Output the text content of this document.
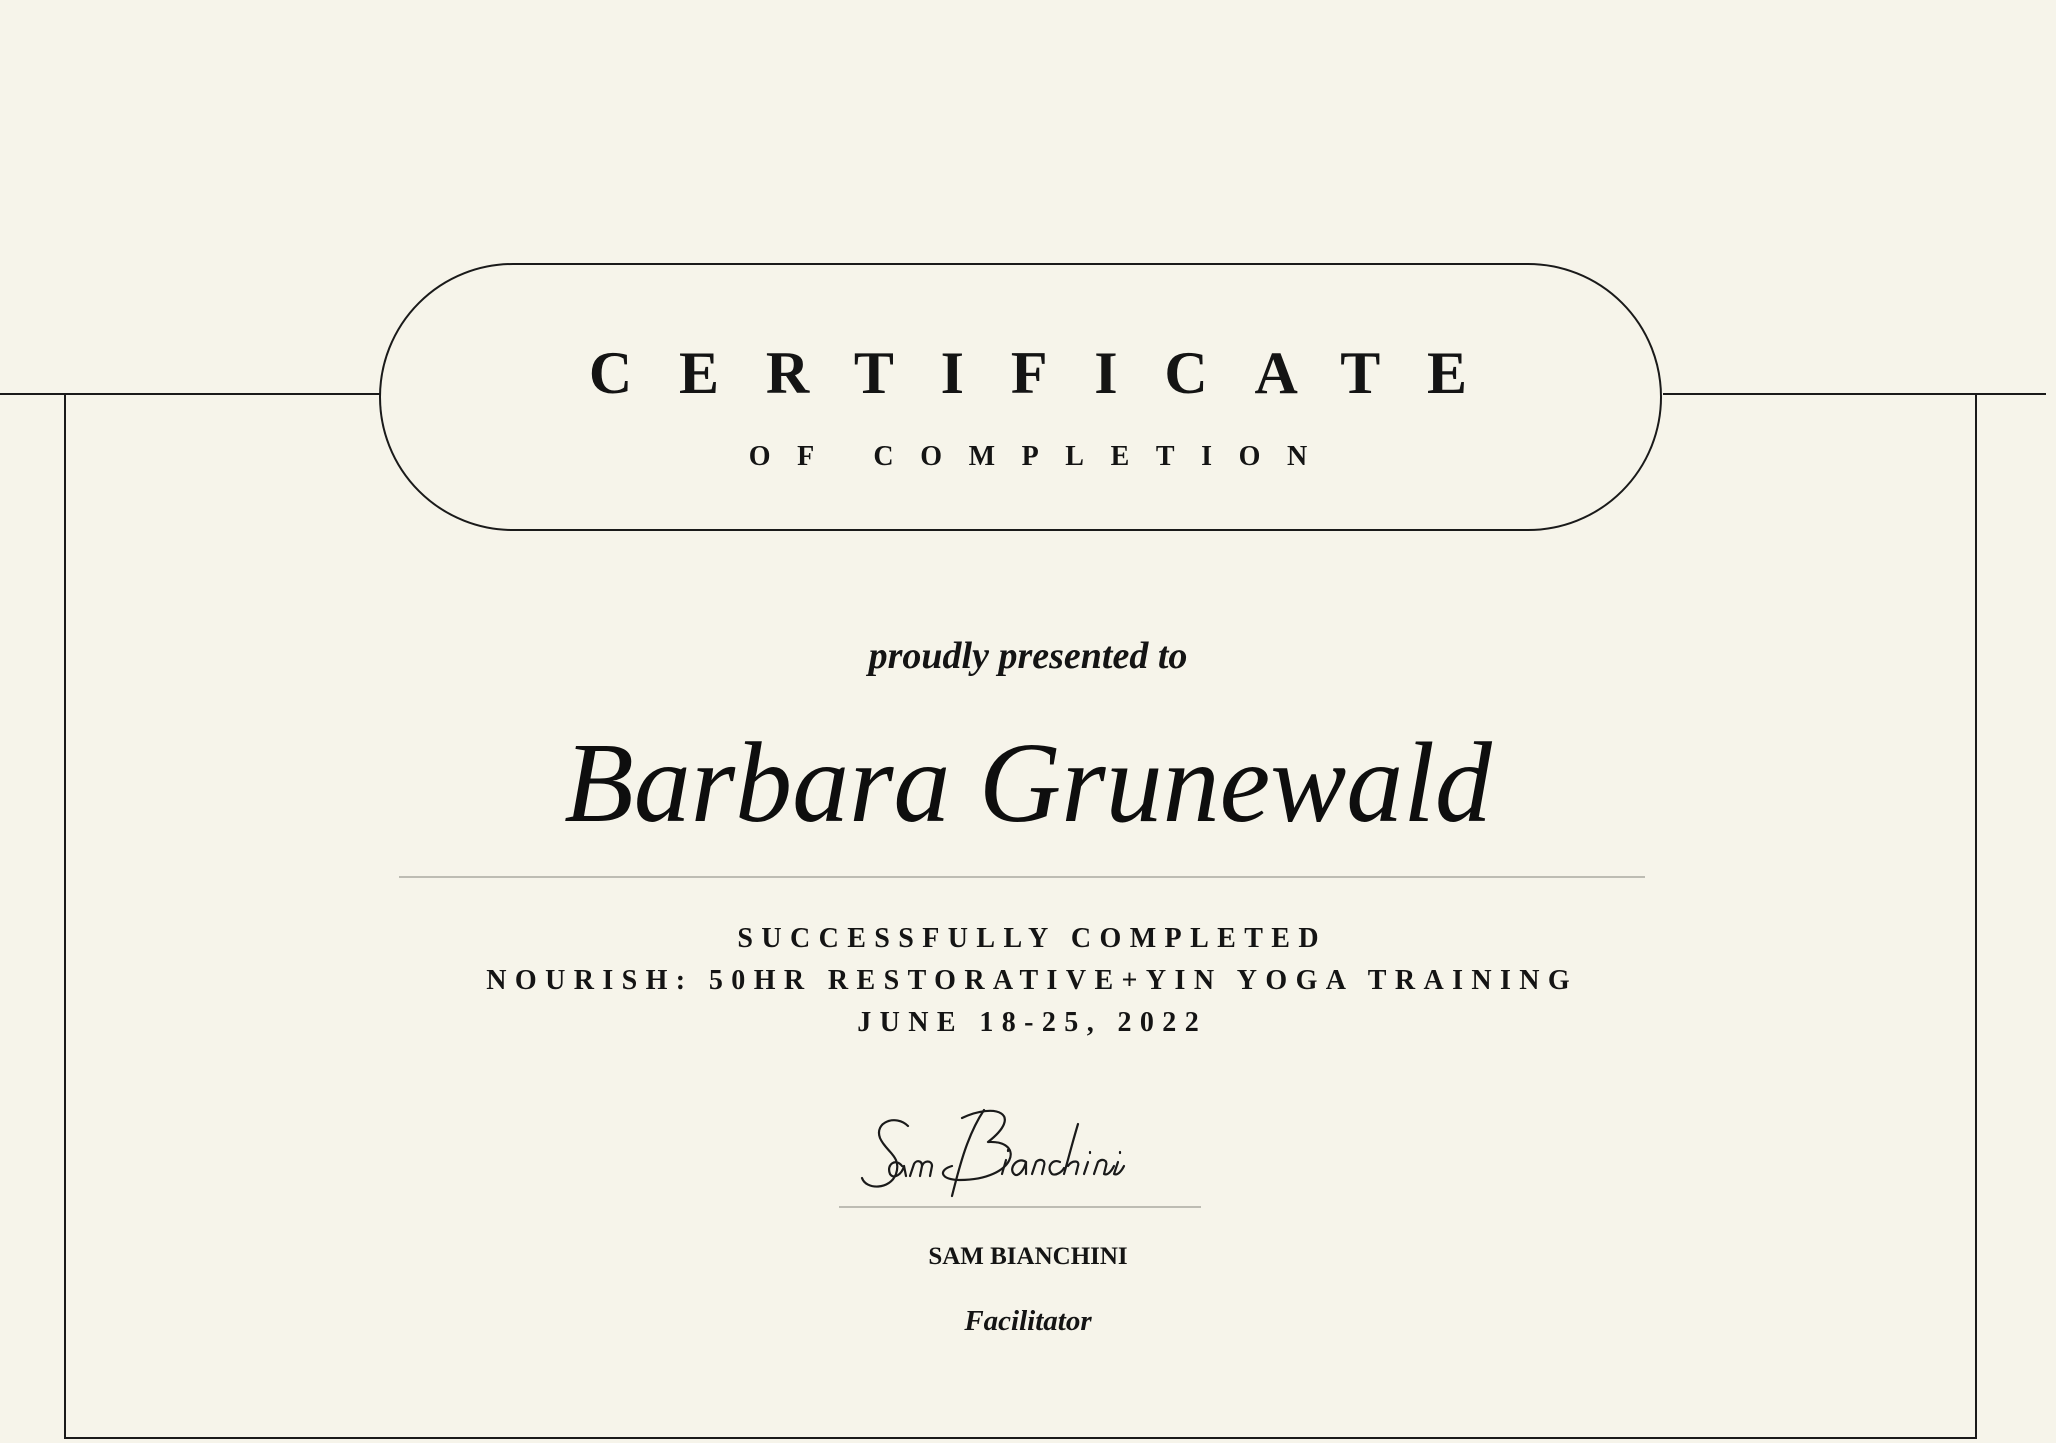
CERTIFICATE
OF COMPLETION
proudly presented to
Barbara Grunewald
SUCCESSFULLY COMPLETED
NOURISH: 50HR RESTORATIVE+YIN YOGA TRAINING
JUNE 18-25, 2022
SAM BIANCHINI
Facilitator
